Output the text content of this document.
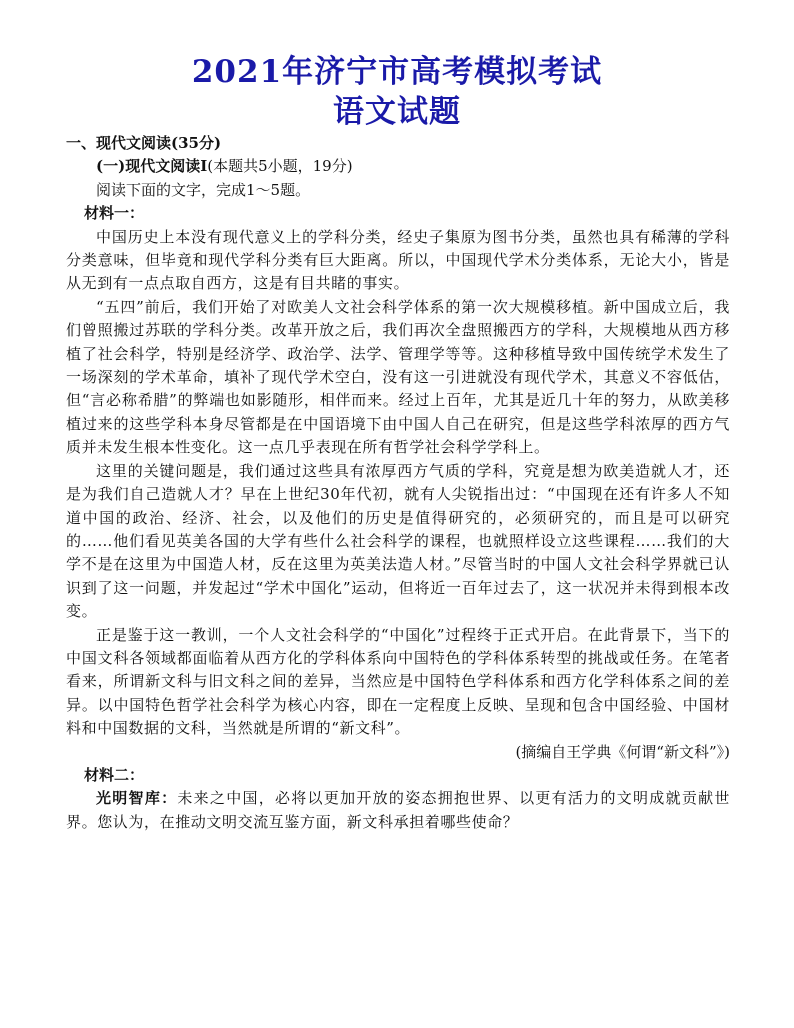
2021年济宁市高考模拟考试
语文试题

一、现代文阅读(35分)

(一)现代文阅读Ⅰ(本题共5小题，19分)

阅读下面的文字，完成1～5题。

材料一：

中国历史上本没有现代意义上的学科分类，经史子集原为图书分类，虽然也具有稀薄的学科分类意味，但毕竟和现代学科分类有巨大距离。所以，中国现代学术分类体系，无论大小，皆是从无到有一点点取自西方，这是有目共睹的事实。

“五四”前后，我们开始了对欧美人文社会科学体系的第一次大规模移植。新中国成立后，我们曾照搬过苏联的学科分类。改革开放之后，我们再次全盘照搬西方的学科，大规模地从西方移植了社会科学，特别是经济学、政治学、法学、管理学等等。这种移植导致中国传统学术发生了一场深刻的学术革命，填补了现代学术空白，没有这一引进就没有现代学术，其意义不容低估，但“言必称希腊”的弊端也如影随形，相伴而来。经过上百年，尤其是近几十年的努力，从欧美移植过来的这些学科本身尽管都是在中国语境下由中国人自己在研究，但是这些学科浓厚的西方气质并未发生根本性变化。这一点几乎表现在所有哲学社会科学学科上。

这里的关键问题是，我们通过这些具有浓厚西方气质的学科，究竟是想为欧美造就人才，还是为我们自己造就人才？早在上世纪30年代初，就有人尖锐指出过：“中国现在还有许多人不知道中国的政治、经济、社会，以及他们的历史是值得研究的，必须研究的，而且是可以研究的……他们看见英美各国的大学有些什么社会科学的课程，也就照样设立这些课程……我们的大学不是在这里为中国造人材，反在这里为英美法造人材。”尽管当时的中国人文社会科学界就已认识到了这一问题，并发起过“学术中国化”运动，但将近一百年过去了，这一状况并未得到根本改变。

正是鉴于这一教训，一个人文社会科学的“中国化”过程终于正式开启。在此背景下，当下的中国文科各领域都面临着从西方化的学科体系向中国特色的学科体系转型的挑战或任务。在笔者看来，所谓新文科与旧文科之间的差异，当然应是中国特色学科体系和西方化学科体系之间的差异。以中国特色哲学社会科学为核心内容，即在一定程度上反映、呈现和包含中国经验、中国材料和中国数据的文科，当然就是所谓的“新文科”。

(摘编自王学典《何谓“新文科”》)

材料二：

光明智库：未来之中国，必将以更加开放的姿态拥抱世界、以更有活力的文明成就贡献世界。您认为，在推动文明交流互鉴方面，新文科承担着哪些使命？
